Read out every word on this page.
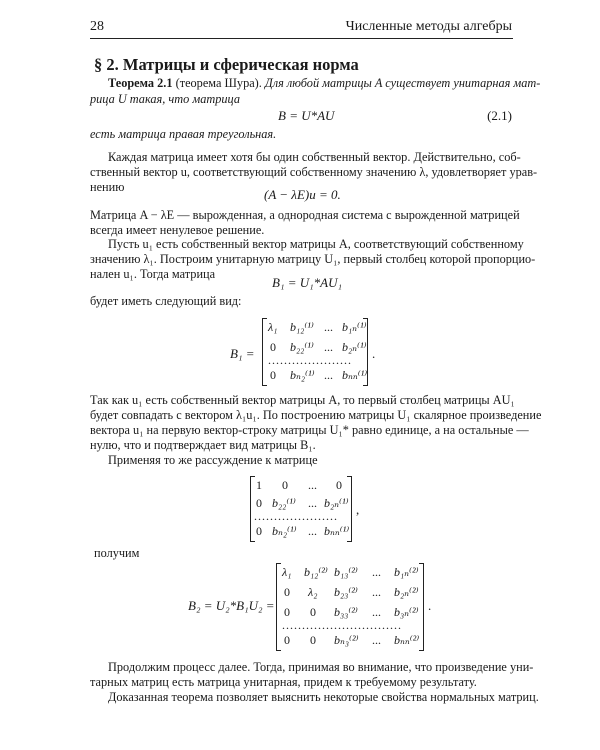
28	Численные методы алгебры
§ 2. Матрицы и сферическая норма
Теорема 2.1 (теорема Шура). Для любой матрицы A существует унитарная мат-
рица U такая, что матрица
B = U*AU	(2.1)
есть матрица правая треугольная.
Каждая матрица имеет хотя бы один собственный вектор. Действительно, соб-
ственный вектор u, соответствующий собственному значению λ, удовлетворяет урав-
нению	(A − λE)u = 0.
Матрица A − λE — вырожденная, а однородная система с вырожденной матрицей
всегда имеет ненулевое решение.
Пусть u₁ есть собственный вектор матрицы A, соответствующий собственному
значению λ₁. Построим унитарную матрицу U₁, первый столбец которой пропорцио-
нален u₁. Тогда матрица
B₁ = U₁*AU₁
будет иметь следующий вид:
B₁ =
λ₁ b₁₂⁽¹⁾ ... b₁ₙ⁽¹⁾
0 b₂₂⁽¹⁾ ... b₂ₙ⁽¹⁾
.....................
0 bₙ₂⁽¹⁾ ... bₙₙ⁽¹⁾
.
Так как u₁ есть собственный вектор матрицы A, то первый столбец матрицы AU₁
будет совпадать с вектором λ₁u₁. По построению матрицы U₁ скалярное произведение
вектора u₁ на первую вектор-строку матрицы U₁* равно единице, а на остальные —
нулю, что и подтверждает вид матрицы B₁.
Применяя то же рассуждение к матрице
1 0 ... 0
0 b₂₂⁽¹⁾ ... b₂ₙ⁽¹⁾
.....................
0 bₙ₂⁽¹⁾ ... bₙₙ⁽¹⁾
,
получим
B₂ = U₂*B₁U₂ =
λ₁ b₁₂⁽²⁾ b₁₃⁽²⁾ ... b₁ₙ⁽²⁾
0 λ₂ b₂₃⁽²⁾ ... b₂ₙ⁽²⁾
0 0 b₃₃⁽²⁾ ... b₃ₙ⁽²⁾
..............................
0 0 bₙ₃⁽²⁾ ... bₙₙ⁽²⁾
.
Продолжим процесс далее. Тогда, принимая во внимание, что произведение уни-
тарных матриц есть матрица унитарная, придем к требуемому результату.
Доказанная теорема позволяет выяснить некоторые свойства нормальных матриц.
